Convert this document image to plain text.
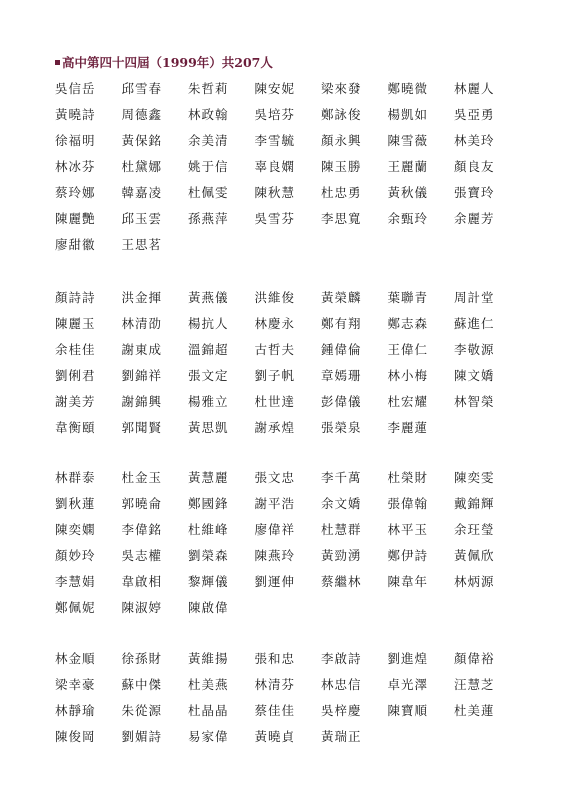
高中第四十四屆（1999年）共207人
吳信岳	邱雪春	朱哲莉	陳安妮	梁來發	鄭曉微	林麗人
黃曉詩	周德鑫	林政翰	吳培芬	鄭詠俊	楊凱如	吳亞勇
徐福明	黃保銘	余美清	李雪毓	顏永興	陳雪薇	林美玲
林冰芬	杜黛娜	姚于信	辜良嫻	陳玉勝	王麗蘭	顏良友
蔡玲娜	韓嘉凌	杜佩雯	陳秋慧	杜忠勇	黃秋儀	張寶玲
陳麗艷	邱玉雲	孫燕萍	吳雪芬	李思寬	余甄玲	余麗芳
廖甜徽	王思茗
顏詩詩	洪金揮	黃燕儀	洪維俊	黃榮麟	葉聯青	周計堂
陳麗玉	林清劭	楊抗人	林慶永	鄭有翔	鄭志森	蘇進仁
余桂佳	謝東成	溫錦超	古哲夫	鍾偉倫	王偉仁	李敬源
劉俐君	劉錦祥	張文定	劉子帆	章嫣珊	林小梅	陳文嬌
謝美芳	謝錦興	楊雅立	杜世達	彭偉儀	杜宏耀	林智榮
韋衡頤	郭聞賢	黃思凱	謝承煌	張榮泉	李麗蓮
林群泰	杜金玉	黃慧麗	張文忠	李千萬	杜榮財	陳奕雯
劉秋蓮	郭曉侖	鄭國鋒	謝平浩	余文嬌	張偉翰	戴錦輝
陳奕嫻	李偉銘	杜維峰	廖偉祥	杜慧群	林平玉	余玨瑩
顏妙玲	吳志權	劉榮森	陳燕玲	黃勁湧	鄭伊詩	黃佩欣
李慧娟	韋啟相	黎輝儀	劉運伸	蔡繼林	陳韋年	林炳源
鄭佩妮	陳淑婷	陳啟偉
林金順	徐孫財	黃維揚	張和忠	李啟詩	劉進煌	顏偉裕
梁幸豪	蘇中傑	杜美燕	林清芬	林忠信	卓光澤	汪慧芝
林靜瑜	朱從源	杜晶晶	蔡佳佳	吳梓慶	陳寶順	杜美蓮
陳俊岡	劉媚詩	易家偉	黃曉貞	黃瑞正
